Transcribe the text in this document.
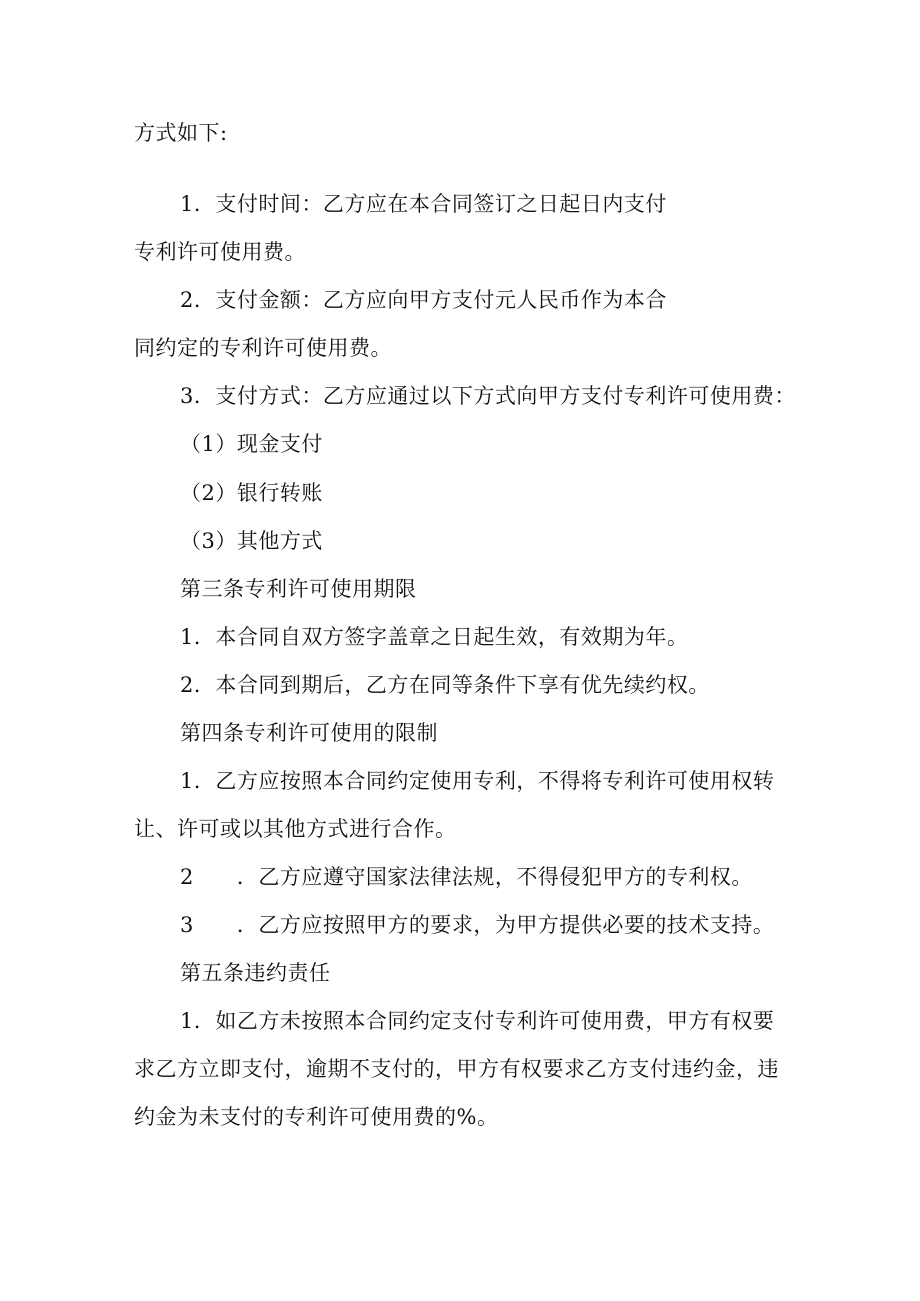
方式如下:
1．支付时间：乙方应在本合同签订之日起日内支付
专利许可使用费。
2．支付金额：乙方应向甲方支付元人民币作为本合
同约定的专利许可使用费。
3．支付方式：乙方应通过以下方式向甲方支付专利许可使用费：
（1）现金支付
（2）银行转账
（3）其他方式
第三条专利许可使用期限
1．本合同自双方签字盖章之日起生效，有效期为年。
2．本合同到期后，乙方在同等条件下享有优先续约权。
第四条专利许可使用的限制
1．乙方应按照本合同约定使用专利，不得将专利许可使用权转
让、许可或以其他方式进行合作。
2　　．乙方应遵守国家法律法规，不得侵犯甲方的专利权。
3　　．乙方应按照甲方的要求，为甲方提供必要的技术支持。
第五条违约责任
1．如乙方未按照本合同约定支付专利许可使用费，甲方有权要
求乙方立即支付，逾期不支付的，甲方有权要求乙方支付违约金，违
约金为未支付的专利许可使用费的%。
